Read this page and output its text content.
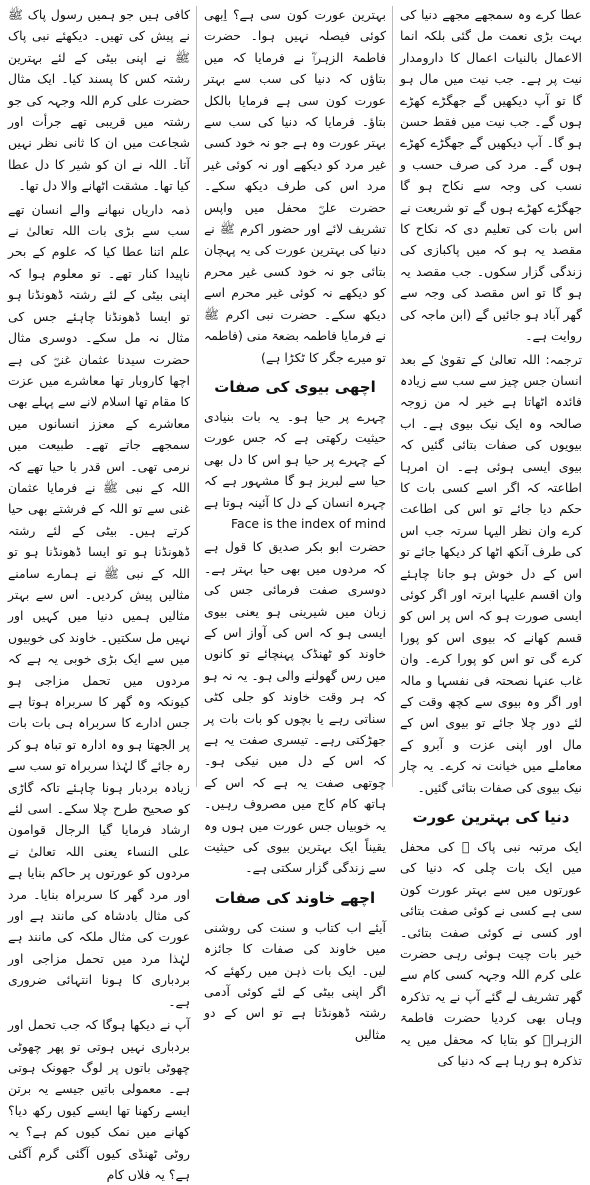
عطا کرے وہ سمجھے مجھے دنیا کی بہت بڑی نعمت مل گئی بلکہ انما الاعمال بالنیات اعمال کا دارومدار نیت پر ہے۔ جب نیت میں مال ہو گا تو آپ دیکھیں گے جھگڑے کھڑے ہوں گے۔ جب نیت میں فقط حسن ہو گا۔ آپ دیکھیں گے جھگڑے کھڑے ہوں گے۔ مرد کی صرف حسب و نسب کی وجہ سے نکاح ہو گا جھگڑے کھڑے ہوں گے تو شریعت نے اس بات کی تعلیم دی کہ نکاح کا مقصد یہ ہو کہ میں پاکبازی کی زندگی گزار سکوں۔ جب مقصد یہ ہو گا تو اس مقصد کی وجہ سے گھر آباد ہو جائیں گے (ابن ماجہ کی روایت ہے۔

ترجمہ: اللہ تعالیٰ کے تقویٰ کے بعد انسان جس چیز سے سب سے زیادہ فائدہ اٹھاتا ہے خیر لہ من زوجہ صالحہ وہ ایک نیک بیوی ہے۔ اب بیویوں کی صفات بتائی گئیں کہ بیوی ایسی ہوئی ہے۔ ان امرہا اطاعتہ کہ اگر اسے کسی بات کا حکم دیا جائے تو اس کی اطاعت کرے وان نظر الیہا سرتہ جب اس کی طرف آنکھ اٹھا کر دیکھا جائے تو اس کے دل خوش ہو جانا چاہئے وان اقسم علیہا ابرتہ اور اگر کوئی ایسی صورت ہو کہ اس پر اس کو قسم کھانے کہ بیوی اس کو پورا کرے گی تو اس کو پورا کرے۔ وان غاب عنہا نصحتہ فی نفسہا و مالہ اور اگر وہ بیوی سے کچھ وقت کے لئے دور چلا جائے تو بیوی اس کے مال اور اپنی عزت و آبرو کے معاملے میں خیانت نہ کرے۔ یہ چار نیک بیوی کی صفات بتائی گئیں۔

دنیا کی بہترین عورت

ایک مرتبہ نبی پاک ﷺ کی محفل میں ایک بات چلی کہ دنیا کی عورتوں میں سے بہتر عورت کون سی ہے کسی نے کوئی صفت بتائی اور کسی نے کوئی صفت بتائی۔ خیر بات چیت ہوئی رہی حضرت علی کرم اللہ وجہہ کسی کام سے گھر تشریف لے گئے آپ نے یہ تذکرہ وہاں بھی کردیا حضرت فاطمۃ الزہراؓ کو بتایا کہ محفل میں یہ تذکرہ ہو رہا ہے کہ دنیا کی

بہترین عورت کون سی ہے؟ اِبھی کوئی فیصلہ نہیں ہوا۔ حضرت فاطمۃ الزہراؓ نے فرمایا کہ میں بتاؤں کہ دنیا کی سب سے بہتر عورت کون سی ہے فرمایا بالکل بتاؤ۔ فرمایا کہ دنیا کی سب سے بہتر عورت وہ ہے جو نہ خود کسی غیر مرد کو دیکھے اور نہ کوئی غیر مرد اس کی طرف دیکھ سکے۔ حضرت علیؓ محفل میں واپس تشریف لائے اور حضور اکرم ﷺ نے دنیا کی بہترین عورت کی یہ پہچان بتائی جو نہ خود کسی غیر محرم کو دیکھے نہ کوئی غیر محرم اسے دیکھ سکے۔ حضرت نبی اکرم ﷺ نے فرمایا فاطمہ بضعۃ منی (فاطمہ تو میرے جگر کا ٹکڑا ہے)

اچھی بیوی کی صفات

چہرے پر حیا ہو۔ یہ بات بنیادی حیثیت رکھتی ہے کہ جس عورت کے چہرے پر حیا ہو اس کا دل بھی حیا سے لبریز ہو گا مشہور ہے کہ چہرہ انسان کے دل کا آئینہ ہوتا ہے Face is the index of mind

حضرت ابو بکر صدیق کا قول ہے کہ مردوں میں بھی حیا بہتر ہے۔ دوسری صفت فرمائی جس کی زبان میں شیرینی ہو یعنی بیوی ایسی ہو کہ اس کی آواز اس کے خاوند کو ٹھنڈک پہنچائے تو کانوں میں رس گھولنے والی ہو۔ یہ نہ ہو کہ ہر وقت خاوند کو جلی کٹی سناتی رہے یا بچوں کو بات بات پر جھڑکتی رہے۔ تیسری صفت یہ ہے کہ اس کے دل میں نیکی ہو۔ چوتھی صفت یہ ہے کہ اس کے ہاتھ کام کاج میں مصروف رہیں۔ یہ خوبیاں جس عورت میں ہوں وہ یقیناً ایک بہترین بیوی کی حیثیت سے زندگی گزار سکتی ہے۔

اچھے خاوند کی صفات

آیئے اب کتاب و سنت کی روشنی میں خاوند کی صفات کا جائزہ لیں۔ ایک بات ذہن میں رکھئے کہ اگر اپنی بیٹی کے لئے کوئی آدمی رشتہ ڈھونڈتا ہے تو اس کے دو مثالیں

کافی ہیں جو ہمیں رسول پاک ﷺ نے پیش کی تھیں۔ دیکھئے نبی پاک ﷺ نے اپنی بیٹی کے لئے بہترین رشتہ کس کا پسند کیا۔ ایک مثال حضرت علی کرم اللہ وجہہ کی جو رشتہ میں قریبی تھے جرأت اور شجاعت میں ان کا ثانی نظر نہیں آتا۔ اللہ نے ان کو شیر کا دل عطا کیا تھا۔ مشقت اٹھانے والا دل تھا۔

ذمہ داریاں نبھانے والے انسان تھے سب سے بڑی بات اللہ تعالیٰ نے علم اتنا عطا کیا کہ علوم کے بحر ناپیدا کنار تھے۔ تو معلوم ہوا کہ اپنی بیٹی کے لئے رشتہ ڈھونڈنا ہو تو ایسا ڈھونڈنا چاہئے جس کی مثال نہ مل سکے۔ دوسری مثال حضرت سیدنا عثمان غنیؓ کی ہے اچھا کاروبار تھا معاشرے میں عزت کا مقام تھا اسلام لانے سے پہلے بھی معاشرے کے معزز انسانوں میں سمجھے جاتے تھے۔ طبیعت میں نرمی تھی۔ اس قدر با حیا تھے کہ اللہ کے نبی ﷺ نے فرمایا عثمان غنی سے تو اللہ کے فرشتے بھی حیا کرتے ہیں۔ بیٹی کے لئے رشتہ ڈھونڈنا ہو تو ایسا ڈھونڈنا ہو تو اللہ کے نبی ﷺ نے ہمارے سامنے مثالیں پیش کردیں۔ اس سے بہتر مثالیں ہمیں دنیا میں کہیں اور نہیں مل سکتیں۔ خاوند کی خوبیوں میں سے ایک بڑی خوبی یہ ہے کہ مردوں میں تحمل مزاجی ہو کیونکہ وہ گھر کا سربراہ ہوتا ہے جس ادارے کا سربراہ ہی بات بات پر الجھتا ہو وہ ادارہ تو تباہ ہو کر رہ جائے گا لہٰذا سربراہ تو سب سے زیادہ بردبار ہونا چاہئے تاکہ گاڑی کو صحیح طرح چلا سکے۔ اسی لئے ارشاد فرمایا گیا الرجال قوامون علی النساء یعنی اللہ تعالیٰ نے مردوں کو عورتوں پر حاکم بنایا ہے اور مرد گھر کا سربراہ بنایا۔ مرد کی مثال بادشاہ کی مانند ہے اور عورت کی مثال ملکہ کی مانند ہے لہٰذا مرد میں تحمل مزاجی اور بردباری کا ہونا انتہائی ضروری ہے۔

آپ نے دیکھا ہوگا کہ جب تحمل اور بردباری نہیں ہوتی تو پھر چھوٹی چھوٹی باتوں پر لوگ جھونک ہوتی ہے۔ معمولی باتیں جیسے یہ برتن ایسے رکھنا تھا ایسے کیوں رکھ دیا؟ کھانے میں نمک کیوں کم ہے؟ یہ روٹی ٹھنڈی کیوں آگئی گرم آگئی ہے؟ یہ فلاں کام
